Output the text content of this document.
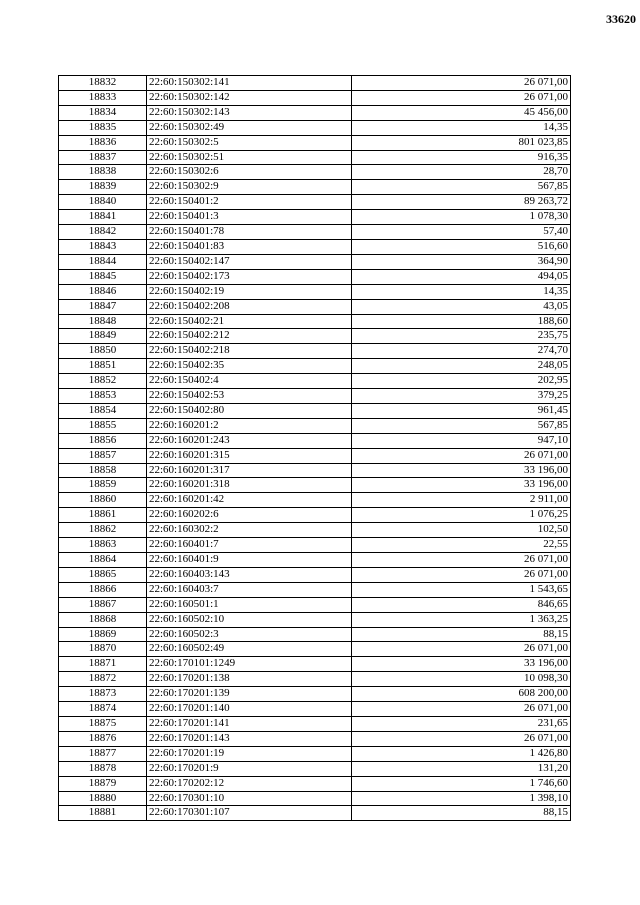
33620
18832	22:60:150302:141	26 071,00
18833	22:60:150302:142	26 071,00
18834	22:60:150302:143	45 456,00
18835	22:60:150302:49	14,35
18836	22:60:150302:5	801 023,85
18837	22:60:150302:51	916,35
18838	22:60:150302:6	28,70
18839	22:60:150302:9	567,85
18840	22:60:150401:2	89 263,72
18841	22:60:150401:3	1 078,30
18842	22:60:150401:78	57,40
18843	22:60:150401:83	516,60
18844	22:60:150402:147	364,90
18845	22:60:150402:173	494,05
18846	22:60:150402:19	14,35
18847	22:60:150402:208	43,05
18848	22:60:150402:21	188,60
18849	22:60:150402:212	235,75
18850	22:60:150402:218	274,70
18851	22:60:150402:35	248,05
18852	22:60:150402:4	202,95
18853	22:60:150402:53	379,25
18854	22:60:150402:80	961,45
18855	22:60:160201:2	567,85
18856	22:60:160201:243	947,10
18857	22:60:160201:315	26 071,00
18858	22:60:160201:317	33 196,00
18859	22:60:160201:318	33 196,00
18860	22:60:160201:42	2 911,00
18861	22:60:160202:6	1 076,25
18862	22:60:160302:2	102,50
18863	22:60:160401:7	22,55
18864	22:60:160401:9	26 071,00
18865	22:60:160403:143	26 071,00
18866	22:60:160403:7	1 543,65
18867	22:60:160501:1	846,65
18868	22:60:160502:10	1 363,25
18869	22:60:160502:3	88,15
18870	22:60:160502:49	26 071,00
18871	22:60:170101:1249	33 196,00
18872	22:60:170201:138	10 098,30
18873	22:60:170201:139	608 200,00
18874	22:60:170201:140	26 071,00
18875	22:60:170201:141	231,65
18876	22:60:170201:143	26 071,00
18877	22:60:170201:19	1 426,80
18878	22:60:170201:9	131,20
18879	22:60:170202:12	1 746,60
18880	22:60:170301:10	1 398,10
18881	22:60:170301:107	88,15
